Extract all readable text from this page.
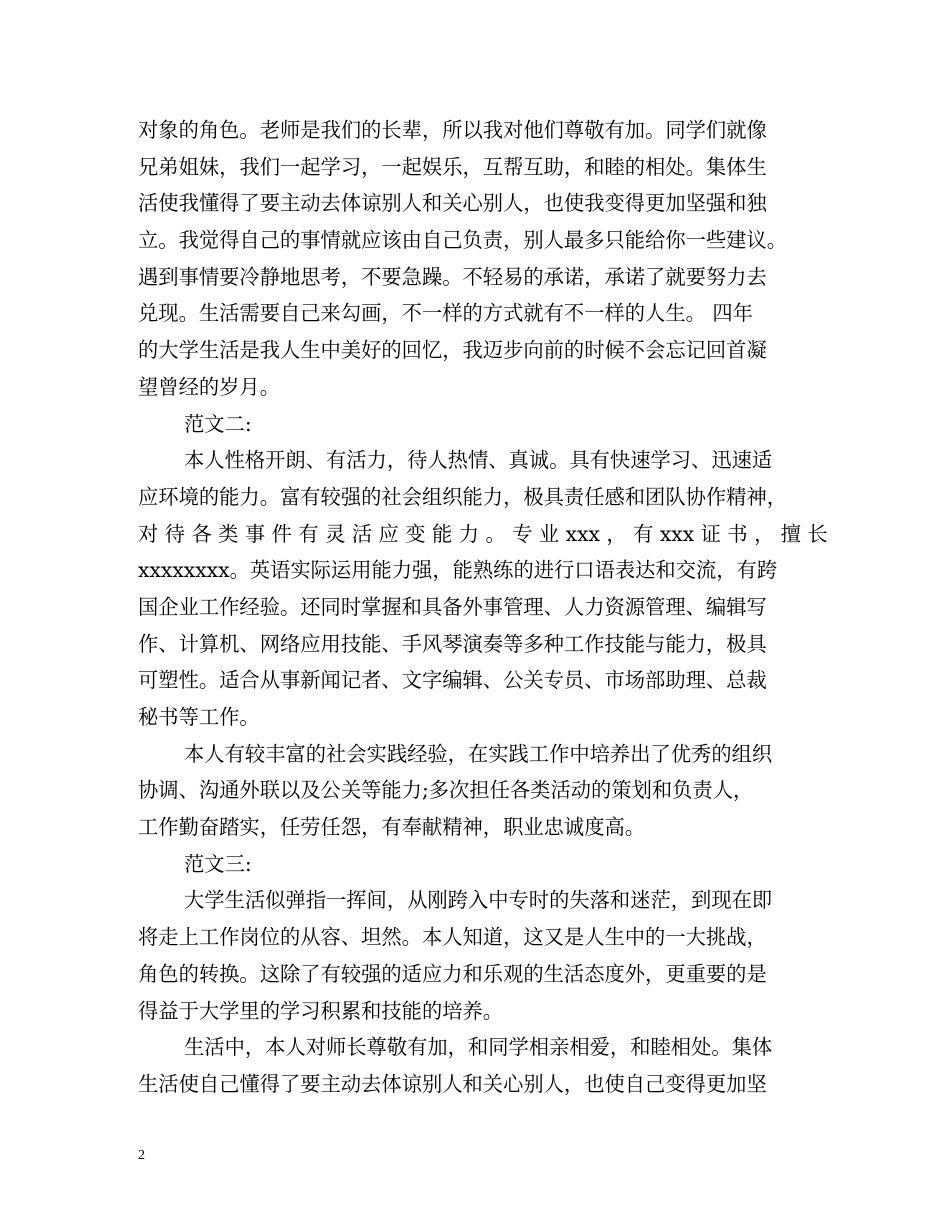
对象的角色。老师是我们的长辈，所以我对他们尊敬有加。同学们就像
兄弟姐妹，我们一起学习，一起娱乐，互帮互助，和睦的相处。集体生
活使我懂得了要主动去体谅别人和关心别人，也使我变得更加坚强和独
立。我觉得自己的事情就应该由自己负责，别人最多只能给你一些建议。
遇到事情要冷静地思考，不要急躁。不轻易的承诺，承诺了就要努力去
兑现。生活需要自己来勾画，不一样的方式就有不一样的人生。 四年
的大学生活是我人生中美好的回忆，我迈步向前的时候不会忘记回首凝
望曾经的岁月。
范文二:
本人性格开朗、有活力，待人热情、真诚。具有快速学习、迅速适
应环境的能力。富有较强的社会组织能力，极具责任感和团队协作精神，
对 待 各 类 事 件 有 灵 活 应 变 能 力 。 专 业 xxx ， 有 xxx 证 书 ， 擅 长
xxxxxxxx。英语实际运用能力强，能熟练的进行口语表达和交流，有跨
国企业工作经验。还同时掌握和具备外事管理、人力资源管理、编辑写
作、计算机、网络应用技能、手风琴演奏等多种工作技能与能力，极具
可塑性。适合从事新闻记者、文字编辑、公关专员、市场部助理、总裁
秘书等工作。
本人有较丰富的社会实践经验，在实践工作中培养出了优秀的组织
协调、沟通外联以及公关等能力;多次担任各类活动的策划和负责人，
工作勤奋踏实，任劳任怨，有奉献精神，职业忠诚度高。
范文三:
大学生活似弹指一挥间，从刚跨入中专时的失落和迷茫，到现在即
将走上工作岗位的从容、坦然。本人知道，这又是人生中的一大挑战，
角色的转换。这除了有较强的适应力和乐观的生活态度外，更重要的是
得益于大学里的学习积累和技能的培养。
生活中，本人对师长尊敬有加，和同学相亲相爱，和睦相处。集体
生活使自己懂得了要主动去体谅别人和关心别人，也使自己变得更加坚
2
